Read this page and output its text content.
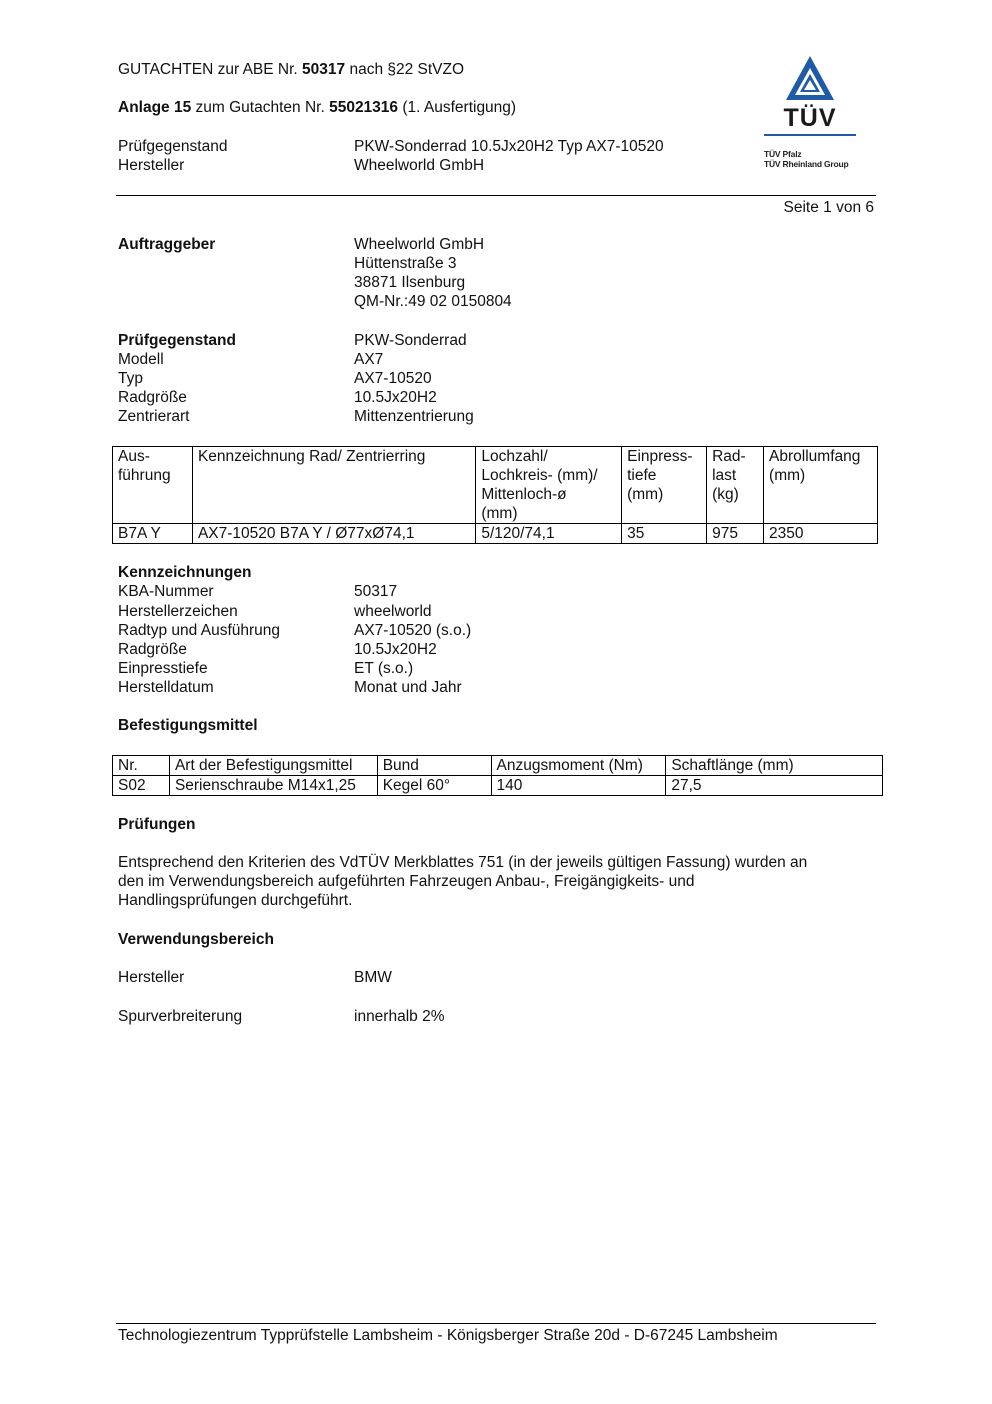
GUTACHTEN zur ABE Nr. 50317 nach §22 StVZO
Anlage 15 zum Gutachten Nr. 55021316 (1. Ausfertigung)
Prüfgegenstand	PKW-Sonderrad 10.5Jx20H2 Typ AX7-10520
Hersteller	Wheelworld GmbH
TÜV
TÜV Pfalz
TÜV Rheinland Group
Seite 1 von 6
Auftraggeber	Wheelworld GmbH
Hüttenstraße 3
38871 Ilsenburg
QM-Nr.:49 02 0150804
Prüfgegenstand	PKW-Sonderrad
Modell	AX7
Typ	AX7-10520
Radgröße	10.5Jx20H2
Zentrierart	Mittenzentrierung
Aus-
führung	Kennzeichnung Rad/ Zentrierring	Lochzahl/
Lochkreis- (mm)/
Mittenloch-ø
(mm)	Einpress-
tiefe
(mm)	Rad-
last
(kg)	Abrollumfang
(mm)
B7A Y	AX7-10520 B7A Y / Ø77xØ74,1	5/120/74,1	35	975	2350
Kennzeichnungen
KBA-Nummer	50317
Herstellerzeichen	wheelworld
Radtyp und Ausführung	AX7-10520 (s.o.)
Radgröße	10.5Jx20H2
Einpresstiefe	ET (s.o.)
Herstelldatum	Monat und Jahr
Befestigungsmittel
Nr.	Art der Befestigungsmittel	Bund	Anzugsmoment (Nm)	Schaftlänge (mm)
S02	Serienschraube M14x1,25	Kegel 60°	140	27,5
Prüfungen
Entsprechend den Kriterien des VdTÜV Merkblattes 751 (in der jeweils gültigen Fassung) wurden an
den im Verwendungsbereich aufgeführten Fahrzeugen Anbau-, Freigängigkeits- und
Handlingsprüfungen durchgeführt.
Verwendungsbereich
Hersteller	BMW
Spurverbreiterung	innerhalb 2%
Technologiezentrum Typprüfstelle Lambsheim - Königsberger Straße 20d - D-67245 Lambsheim
